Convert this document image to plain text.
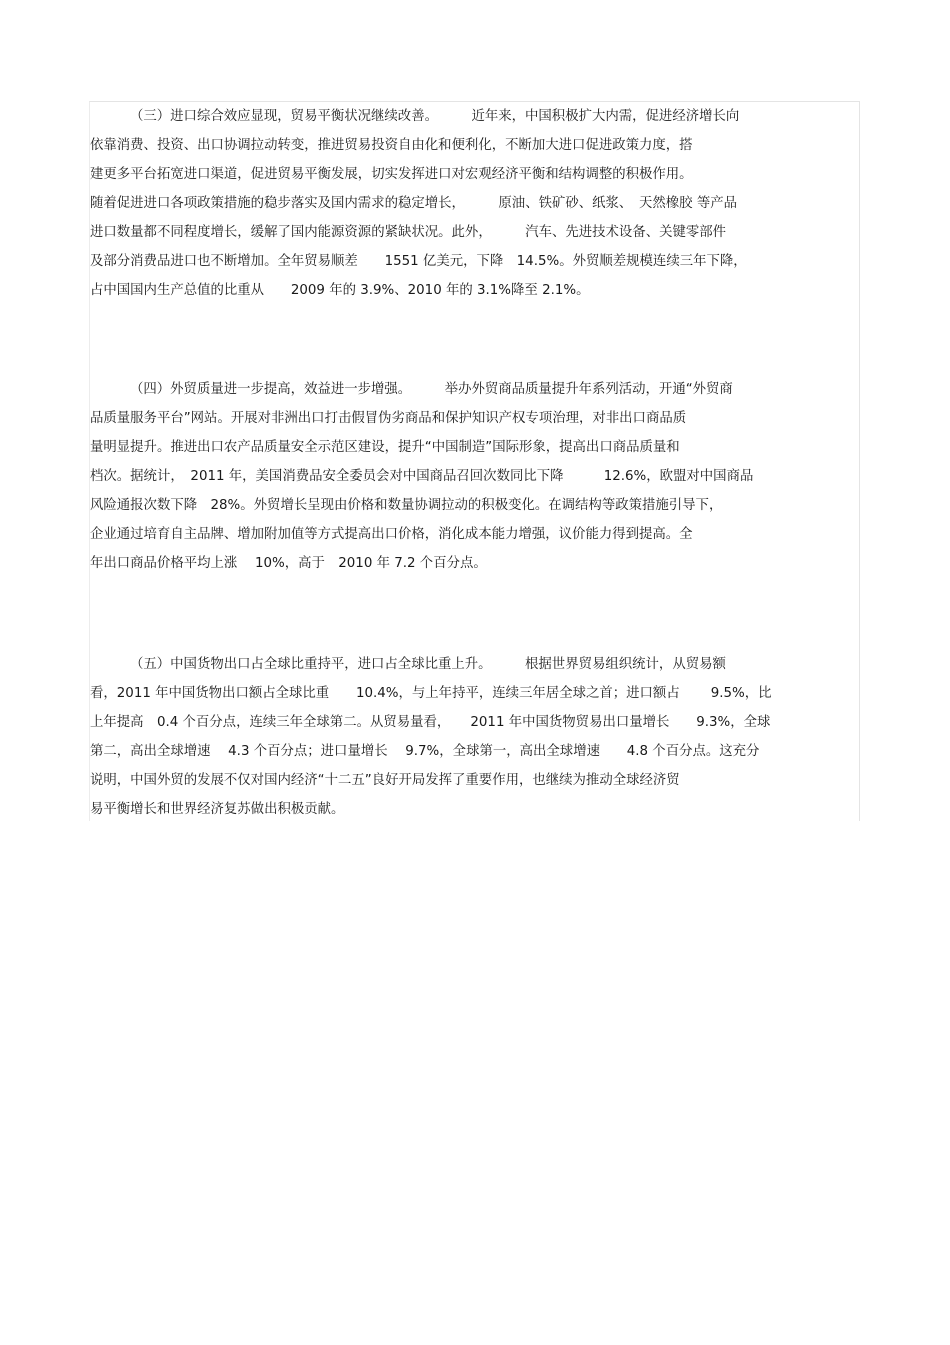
（三）进口综合效应显现，贸易平衡状况继续改善。　　　近年来，中国积极扩大内需，促进经济增长向
依靠消费、投资、出口协调拉动转变，推进贸易投资自由化和便利化，不断加大进口促进政策力度，搭
建更多平台拓宽进口渠道，促进贸易平衡发展，切实发挥进口对宏观经济平衡和结构调整的积极作用。
随着促进进口各项政策措施的稳步落实及国内需求的稳定增长，　　　原油、铁矿砂、纸浆、　天然橡胶 等产品
进口数量都不同程度增长，缓解了国内能源资源的紧缺状况。此外，　　　汽车、先进技术设备、关键零部件
及部分消费品进口也不断增加。全年贸易顺差　　1551 亿美元，下降　14.5%。外贸顺差规模连续三年下降，
占中国国内生产总值的比重从　　2009 年的 3.9%、2010 年的 3.1%降至 2.1%。
（四）外贸质量进一步提高，效益进一步增强。　　　举办外贸商品质量提升年系列活动，开通“外贸商
品质量服务平台”网站。开展对非洲出口打击假冒伪劣商品和保护知识产权专项治理，对非出口商品质
量明显提升。推进出口农产品质量安全示范区建设，提升“中国制造”国际形象，提高出口商品质量和
档次。据统计，　2011 年，美国消费品安全委员会对中国商品召回次数同比下降　　　12.6%，欧盟对中国商品
风险通报次数下降　28%。外贸增长呈现由价格和数量协调拉动的积极变化。在调结构等政策措施引导下，
企业通过培育自主品牌、增加附加值等方式提高出口价格，消化成本能力增强，议价能力得到提高。全
年出口商品价格平均上涨　 10%，高于　2010 年 7.2 个百分点。
（五）中国货物出口占全球比重持平，进口占全球比重上升。　　　根据世界贸易组织统计，从贸易额
看，2011 年中国货物出口额占全球比重　　10.4%，与上年持平，连续三年居全球之首；进口额占　　 9.5%，比
上年提高　0.4 个百分点，连续三年全球第二。从贸易量看，　　2011 年中国货物贸易出口量增长　　9.3%，全球
第二，高出全球增速　 4.3 个百分点；进口量增长　 9.7%，全球第一，高出全球增速　　4.8 个百分点。这充分
说明，中国外贸的发展不仅对国内经济“十二五”良好开局发挥了重要作用，也继续为推动全球经济贸
易平衡增长和世界经济复苏做出积极贡献。
